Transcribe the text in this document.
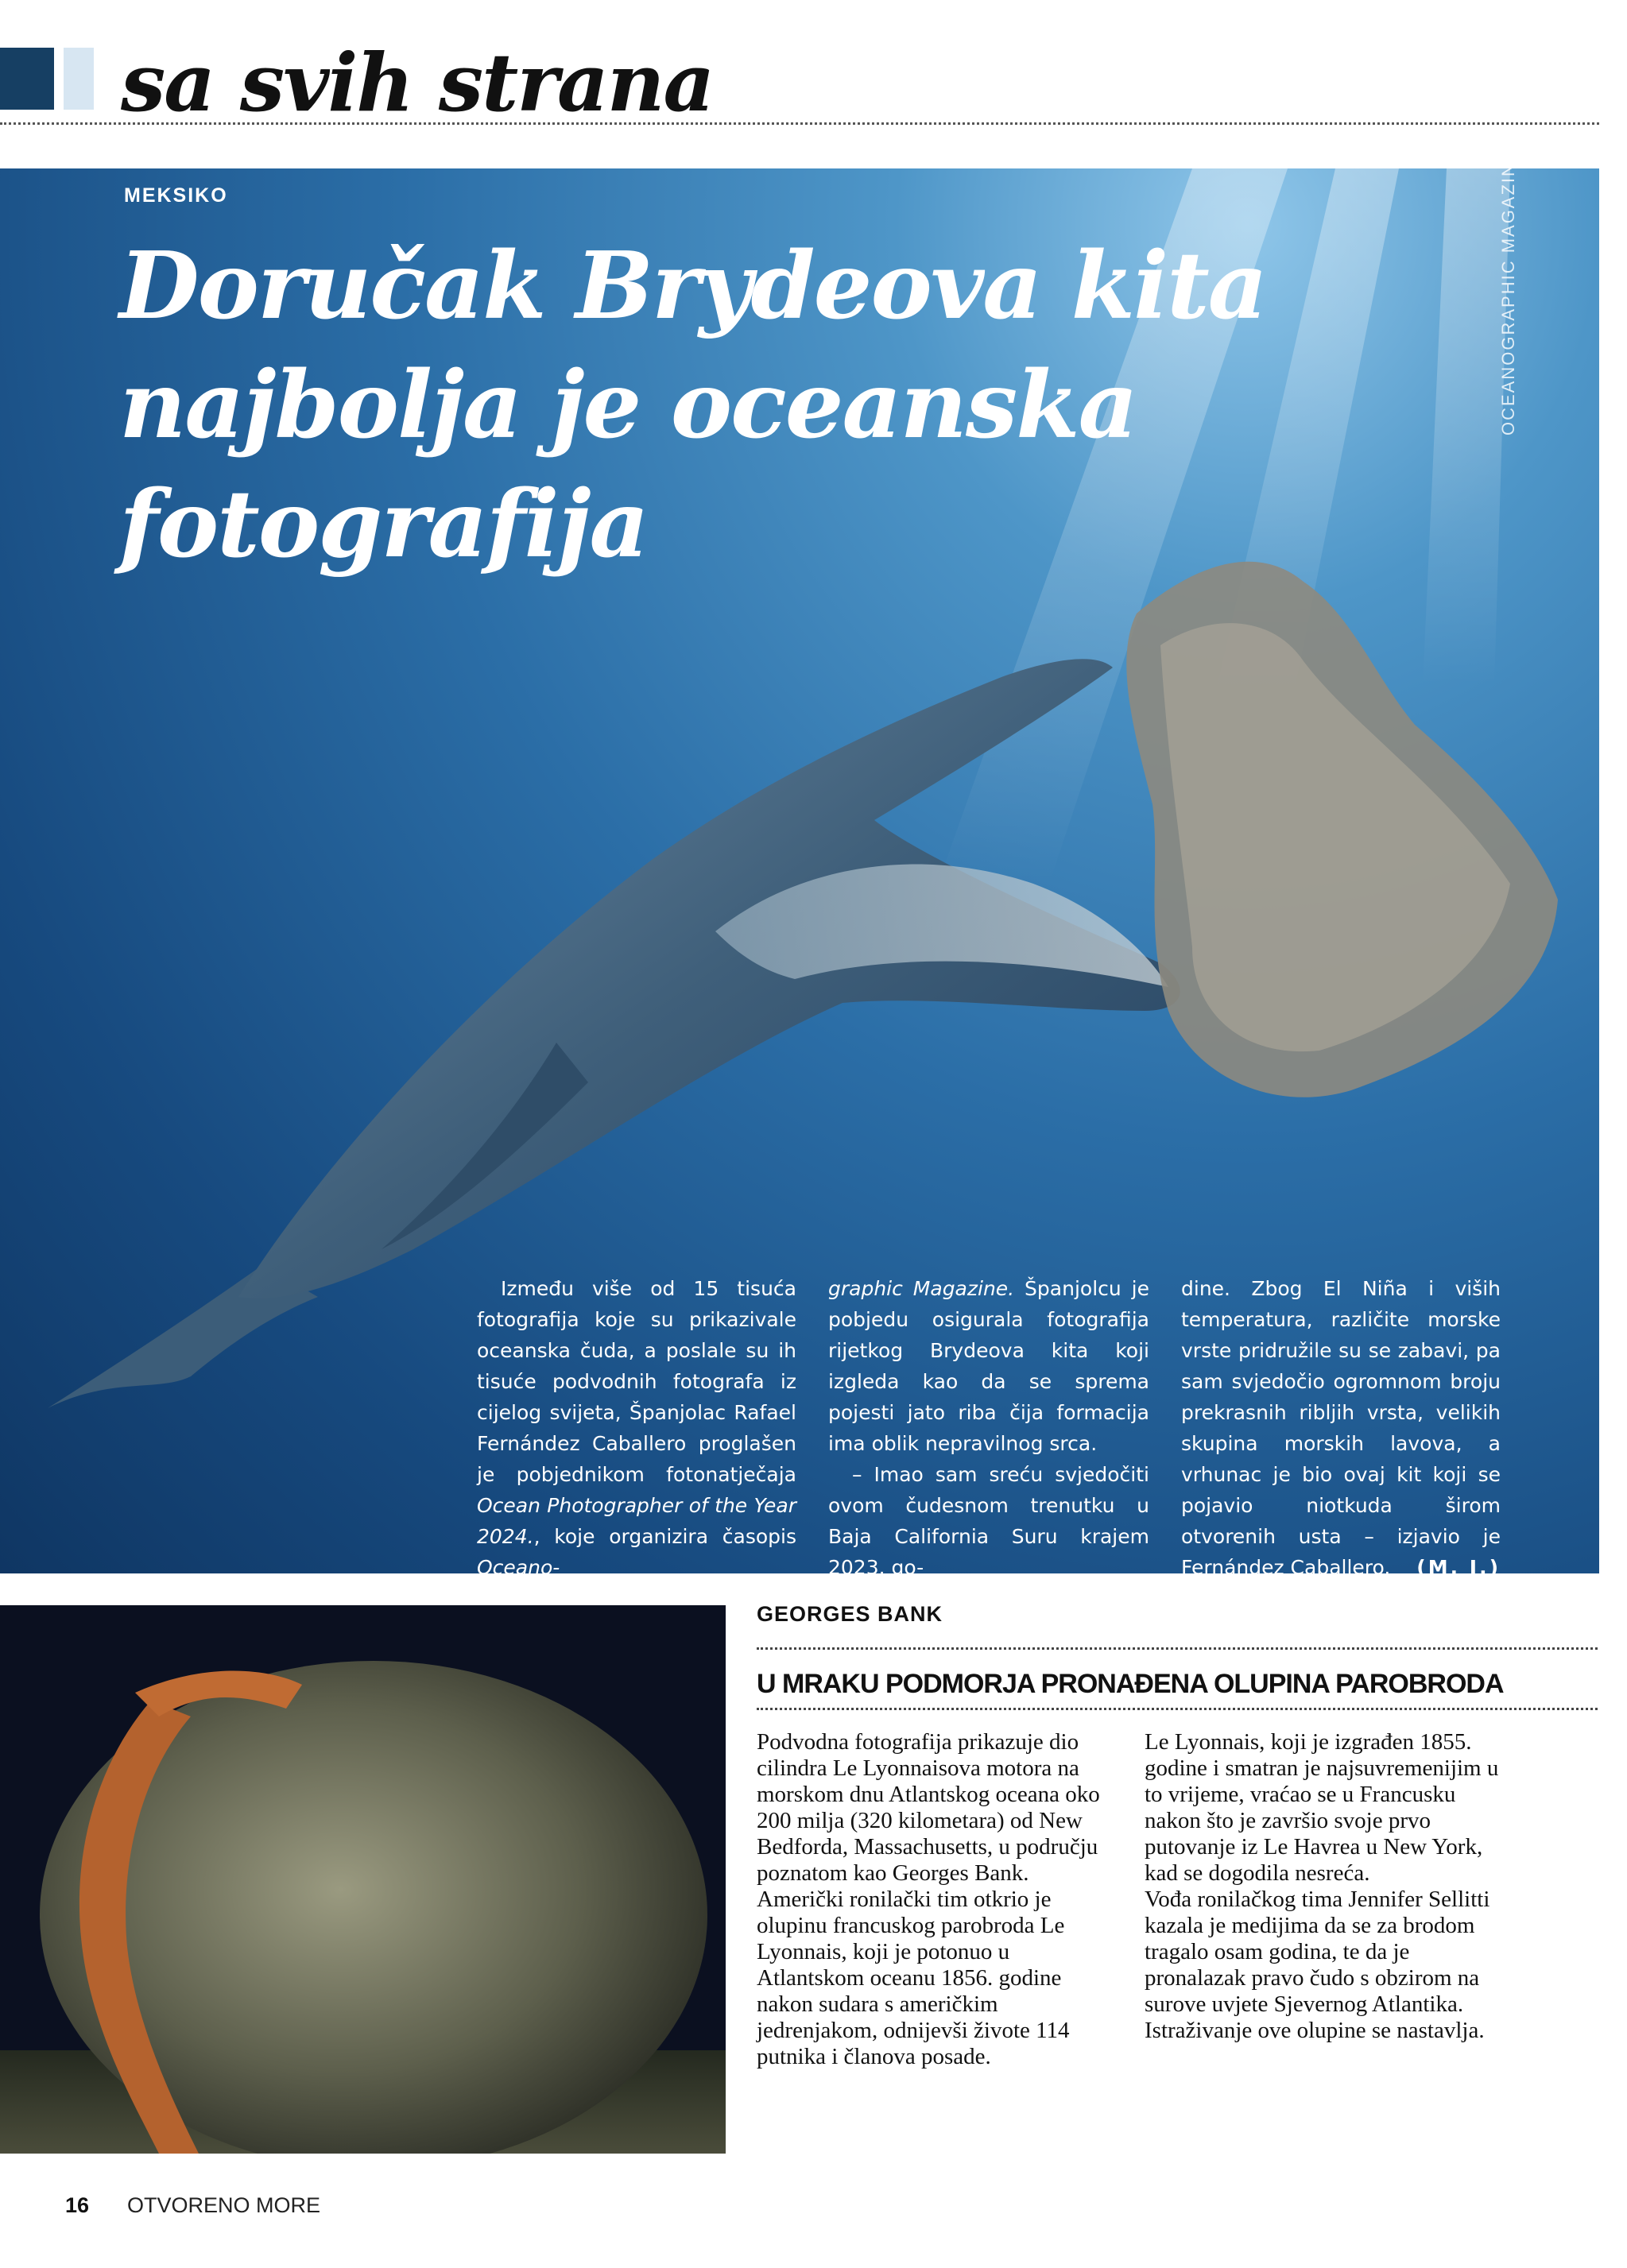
sa svih strana
MEKSIKO
Doručak Brydeova kita najbolja je oceanska fotografija
OCEANOGRAPHIC MAGAZINE

Između više od 15 tisuća fotografija koje su prikazivale oceanska čuda, a poslale su ih tisuće podvodnih fotografa iz cijelog svijeta, Španjolac Rafael Fernández Caballero proglašen je pobjednikom fotonatječaja Ocean Photographer of the Year 2024., koje organizira časopis Oceano-

graphic Magazine. Španjolcu je pobjedu osigurala fotografija rijetkog Brydeova kita koji izgleda kao da se sprema pojesti jato riba čija formacija ima oblik nepravilnog srca.

– Imao sam sreću svjedočiti ovom čudesnom trenutku u Baja California Suru krajem 2023. go-

dine. Zbog El Niña i viših temperatura, različite morske vrste pridružile su se zabavi, pa sam svjedočio ogromnom broju prekrasnih ribljih vrsta, velikih skupina morskih lavova, a vrhunac je bio ovaj kit koji se pojavio niotkuda širom otvorenih usta – izjavio je Fernández Caballero. (M. I.)

GEORGES BANK
U MRAKU PODMORJA PRONAĐENA OLUPINA PAROBRODA
Podvodna fotografija prikazuje dio cilindra Le Lyonnaisova motora na morskom dnu Atlantskog oceana oko 200 milja (320 kilometara) od New Bedforda, Massachusetts, u području poznatom kao Georges Bank.
Američki ronilački tim otkrio je olupinu francuskog parobroda Le Lyonnais, koji je potonuo u Atlantskom oceanu 1856. godine nakon sudara s američkim jedrenjakom, odnijevši živote 114 putnika i članova posade.
Le Lyonnais, koji je izgrađen 1855. godine i smatran je najsuvremenijim u to vrijeme, vraćao se u Francusku nakon što je završio svoje prvo putovanje iz Le Havrea u New York, kad se dogodila nesreća.
Vođa ronilačkog tima Jennifer Sellitti kazala je medijima da se za brodom tragalo osam godina, te da je pronalazak pravo čudo s obzirom na surove uvjete Sjevernog Atlantika.
Istraživanje ove olupine se nastavlja.
16 OTVORENO MORE
